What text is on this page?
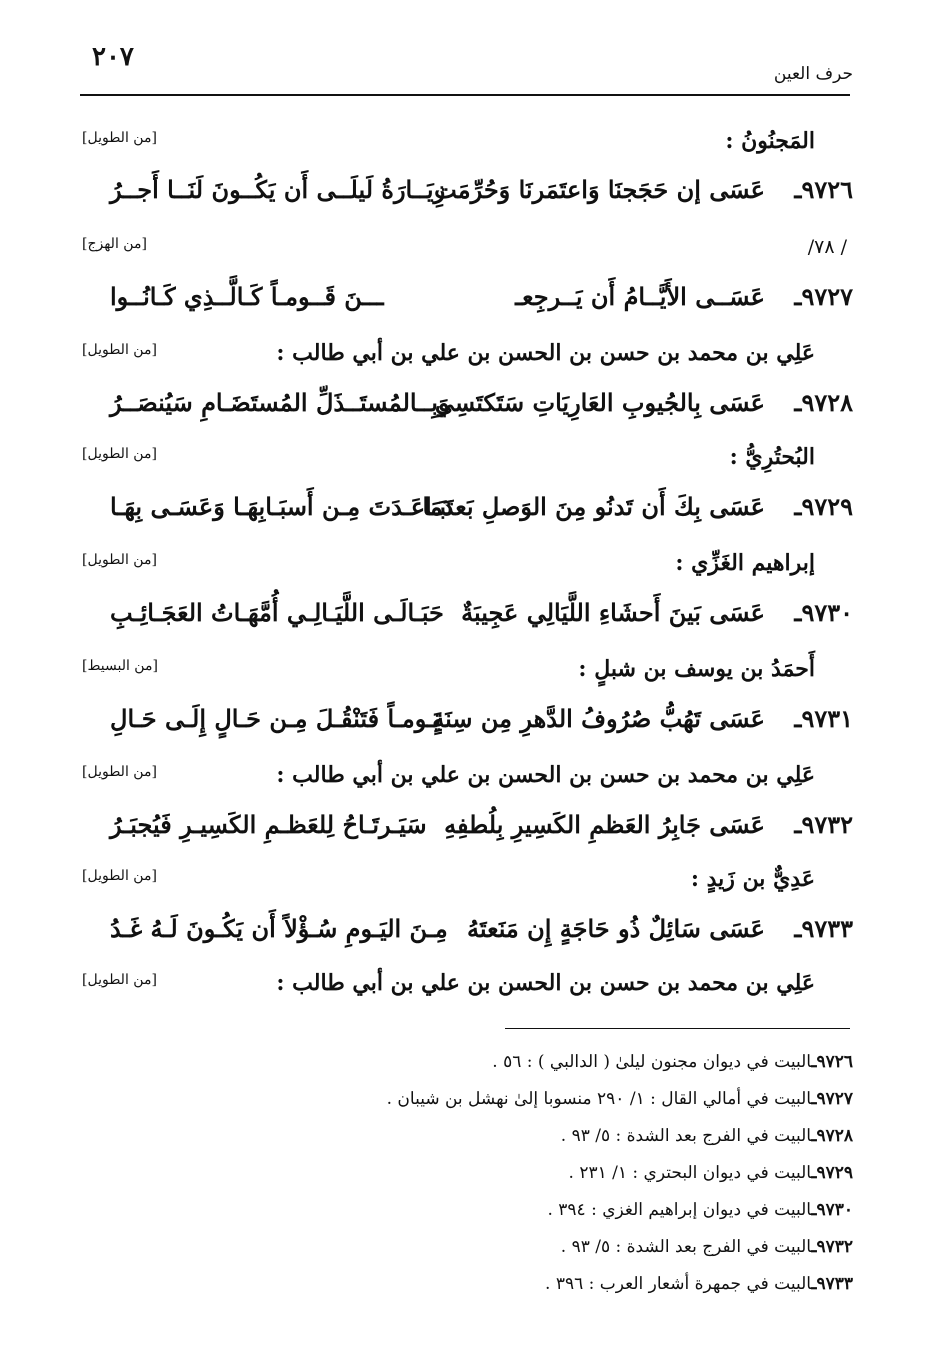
٢٠٧
حرف العين
المَجنُونُ :
[من الطويل]
٩٧٢٦ـ
عَسَى إن حَجَجنَا وَاعتَمَرنَا وَحُرِّمَت
زِيَــارَةُ لَيلَــى أَن يَكُــونَ لَنَــا أَجــرُ
/ ٧٨/
[من الهزج]
٩٧٢٧ـ
عَسَــى الأَيَّــامُ أَن يَــرجِعـ
ـــنَ قَــومـاً كَـالَّــذِي كَـانُــوا
عَلِي بن محمد بن حسن بن الحسن بن علي بن أبي طالب :
[من الطويل]
٩٧٢٨ـ
عَسَى بِالجُيوبِ العَارِيَاتِ سَتَكتَسِي
وَبِــالمُستَــذَلِّ المُستَضَـامِ سَيُنصَــرُ
البُحتُرِيُّ :
[من الطويل]
٩٧٢٩ـ
عَسَى بِكَ أَن تَدنُو مِنَ الوَصلِ بَعدَمَا
تَبَـاعَـدَتَ مِـن أَسبَـابِهَـا وَعَسَـى بِهَـا
إبراهيم الغَزِّي :
[من الطويل]
٩٧٣٠ـ
عَسَى بَينَ أَحشَاءِ اللَّيَالِي عَجِيبَةٌ
حَبَـالَـى اللَّيَـالِـي أُمَّهَـاتُ العَجَـائِـبِ
أَحمَدُ بن يوسف بن شبلٍ :
[من البسيط]
٩٧٣١ـ
عَسَى تَهُبُّ صُرُوفُ الدَّهرِ مِن سِنَةٍ
يَـومـاً فَتَنْقُـلَ مِـن حَـالٍ إِلَـى حَـالِ
عَلِي بن محمد بن حسن بن الحسن بن علي بن أبي طالب :
[من الطويل]
٩٧٣٢ـ
عَسَى جَابِرُ العَظمِ الكَسِيرِ بِلُطفِهِ
سَيَـرتَـاحُ لِلعَظـمِ الكَسِيـرِ فَيُجبَـرُ
عَدِيٌّ بن زَيدٍ :
[من الطويل]
٩٧٣٣ـ
عَسَى سَائِلٌ ذُو حَاجَةٍ إِن مَنَعتَهُ
مِـنَ اليَـومِ سُـؤْلاً أَن يَكُـونَ لَـهُ غَـدُ
عَلِي بن محمد بن حسن بن الحسن بن علي بن أبي طالب :
[من الطويل]
٩٧٢٦ـالبيت في ديوان مجنون ليلىٰ ( الدالبي ) : ٥٦ .
٩٧٢٧ـالبيت في أمالي القال : ١/ ٢٩٠ منسوبا إلىٰ نهشل بن شيبان .
٩٧٢٨ـالبيت في الفرج بعد الشدة : ٥/ ٩٣ .
٩٧٢٩ـالبيت في ديوان البحتري : ١/ ٢٣١ .
٩٧٣٠ـالبيت في ديوان إبراهيم الغزي : ٣٩٤ .
٩٧٣٢ـالبيت في الفرج بعد الشدة : ٥/ ٩٣ .
٩٧٣٣ـالبيت في جمهرة أشعار العرب : ٣٩٦ .
